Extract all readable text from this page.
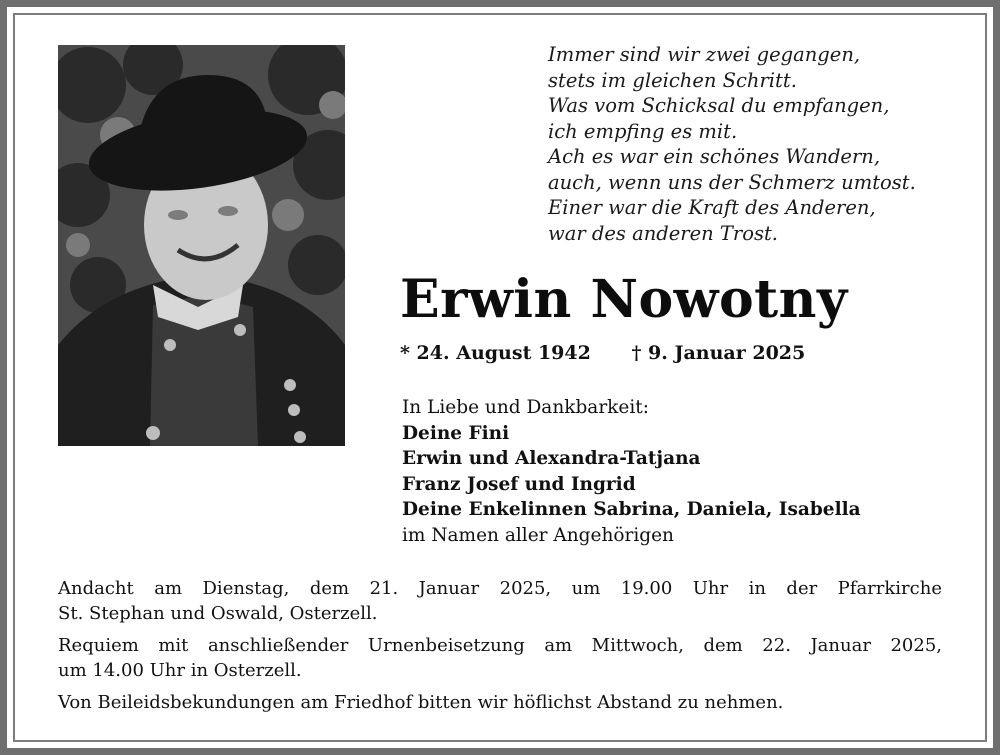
Immer sind wir zwei gegangen,
stets im gleichen Schritt.
Was vom Schicksal du empfangen,
ich empfing es mit.
Ach es war ein schönes Wandern,
auch, wenn uns der Schmerz umtost.
Einer war die Kraft des Anderen,
war des anderen Trost.
Erwin Nowotny
* 24. August 1942 † 9. Januar 2025
In Liebe und Dankbarkeit:
Deine Fini
Erwin und Alexandra-Tatjana
Franz Josef und Ingrid
Deine Enkelinnen Sabrina, Daniela, Isabella
im Namen aller Angehörigen

Andacht am Dienstag, dem 21. Januar 2025, um 19.00 Uhr in der Pfarrkirche
St. Stephan und Oswald, Osterzell.

Requiem mit anschließender Urnenbeisetzung am Mittwoch, dem 22. Januar 2025,
um 14.00 Uhr in Osterzell.

Von Beileidsbekundungen am Friedhof bitten wir höflichst Abstand zu nehmen.
